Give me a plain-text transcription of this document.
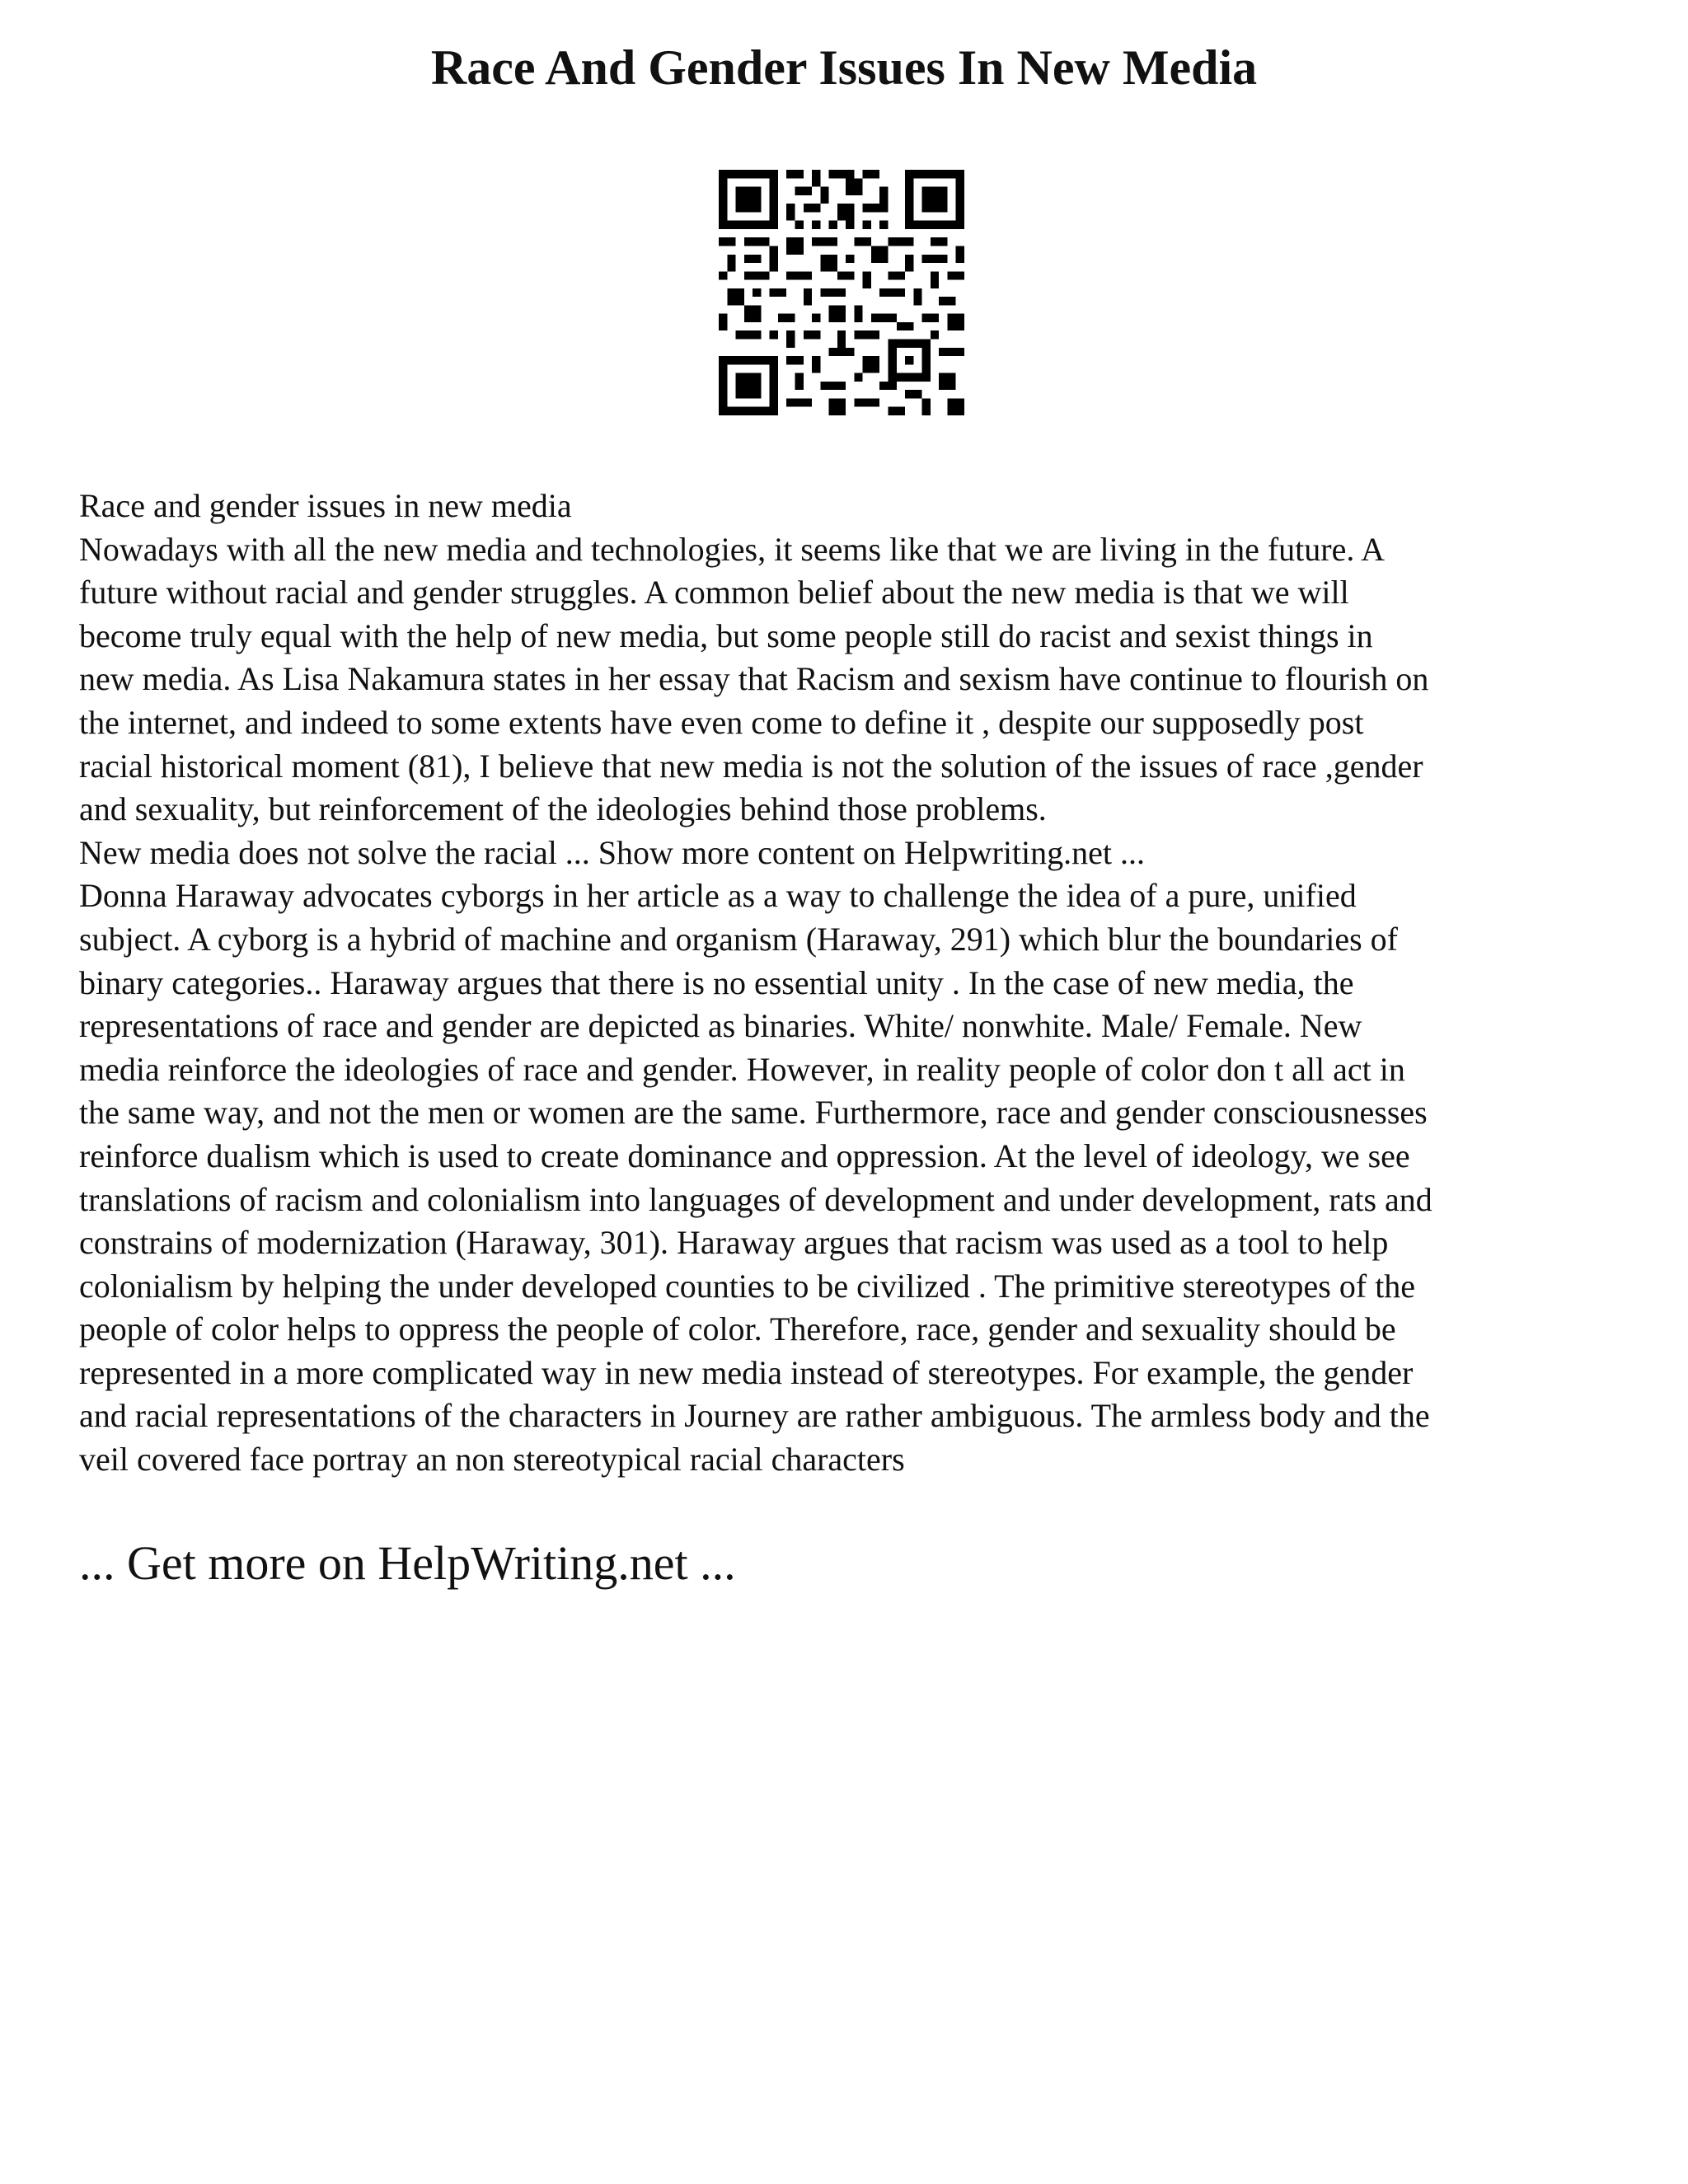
Race And Gender Issues In New Media
Race and gender issues in new media
Nowadays with all the new media and technologies, it seems like that we are living in the future. A
future without racial and gender struggles. A common belief about the new media is that we will
become truly equal with the help of new media, but some people still do racist and sexist things in
new media. As Lisa Nakamura states in her essay that Racism and sexism have continue to flourish on
the internet, and indeed to some extents have even come to define it , despite our supposedly post
racial historical moment (81), I believe that new media is not the solution of the issues of race ,gender
and sexuality, but reinforcement of the ideologies behind those problems.
New media does not solve the racial ... Show more content on Helpwriting.net ...
Donna Haraway advocates cyborgs in her article as a way to challenge the idea of a pure, unified
subject. A cyborg is a hybrid of machine and organism (Haraway, 291) which blur the boundaries of
binary categories.. Haraway argues that there is no essential unity . In the case of new media, the
representations of race and gender are depicted as binaries. White/ nonwhite. Male/ Female. New
media reinforce the ideologies of race and gender. However, in reality people of color don t all act in
the same way, and not the men or women are the same. Furthermore, race and gender consciousnesses
reinforce dualism which is used to create dominance and oppression. At the level of ideology, we see
translations of racism and colonialism into languages of development and under development, rats and
constrains of modernization (Haraway, 301). Haraway argues that racism was used as a tool to help
colonialism by helping the under developed counties to be civilized . The primitive stereotypes of the
people of color helps to oppress the people of color. Therefore, race, gender and sexuality should be
represented in a more complicated way in new media instead of stereotypes. For example, the gender
and racial representations of the characters in Journey are rather ambiguous. The armless body and the
veil covered face portray an non stereotypical racial characters
... Get more on HelpWriting.net ...
